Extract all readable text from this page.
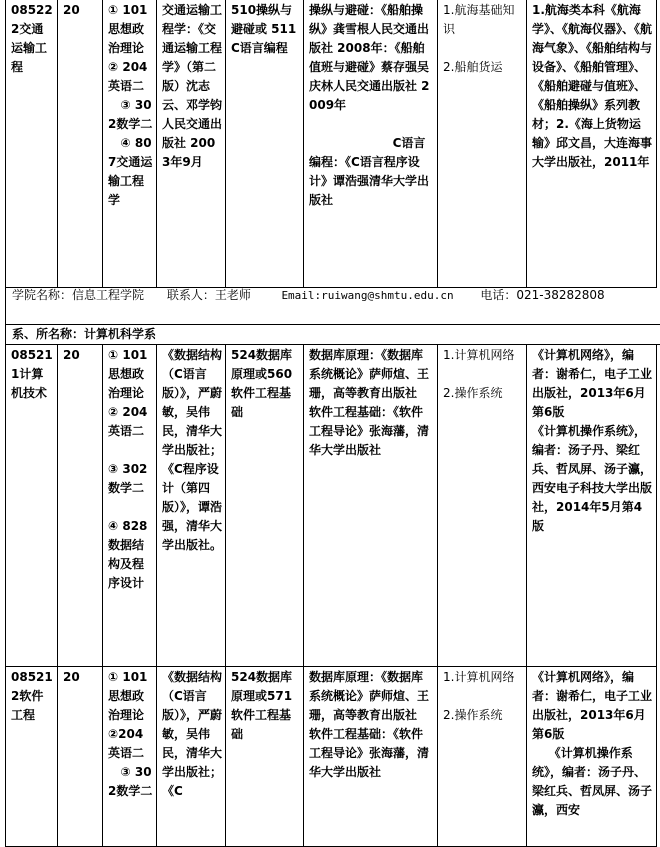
085222交通运输工程	20	① 101思想政治理论 ② 204英语二
③ 302数学二
④ 807交通运输工程学	交通运输工程学：《交通运输工程学》（第二版）沈志云、邓学钧人民交通出版社 2003年9月	510操纵与避碰或 511C语言编程	操纵与避碰：《船舶操纵》龚雪根人民交通出版社 2008年：《船舶值班与避碰》蔡存强吴庆林人民交通出版社 2009年

C语言编程：《C语言程序设计》谭浩强清华大学出版社	1.航海基础知识

2.船舶货运	1.航海类本科《航海学》、《航海仪器》、《航海气象》、《船舶结构与设备》、《船舶管理》、《船舶避碰与值班》、《船舶操纵》系列教材；2.《海上货物运输》邱文昌，大连海事大学出版社，2011年
学院名称：信息工程学院 联系人：王老师	Email:ruiwang@shmtu.edu.cn 电话：021-38282808
系、所名称：计算机科学系
085211计算机技术	20	① 101思想政治理论 ② 204英语二

③ 302数学二

④ 828 数据结构及程序设计	《数据结构（C语言版）》，严蔚敏，吴伟民，清华大学出版社；《C程序设计（第四版）》，谭浩强，清华大学出版社。	524数据库原理或560软件工程基础	数据库原理：《数据库系统概论》萨师煊、王珊，高等教育出版社   软件工程基础：《软件工程导论》张海藩，清华大学出版社	1.计算机网络

2.操作系统	《计算机网络》，编者：谢希仁，电子工业出版社，2013年6月第6版
《计算机操作系统》，编者：汤子丹、梁红兵、哲凤屏、汤子瀛，西安电子科技大学出版社，2014年5月第4版
085212软件工程	20	① 101思想政治理论 ②204英语二
③ 302数学二	《数据结构（C语言版）》，严蔚敏，吴伟民，清华大学出版社；《C	524数据库原理或571软件工程基础	数据库原理：《数据库系统概论》萨师煊、王珊，高等教育出版社
软件工程基础：《软件工程导论》张海藩，清华大学出版社	1.计算机网络

2.操作系统	《计算机网络》，编者：谢希仁，电子工业出版社，2013年6月第6版
《计算机操作系统》，编者：汤子丹、梁红兵、哲凤屏、汤子瀛，西安
